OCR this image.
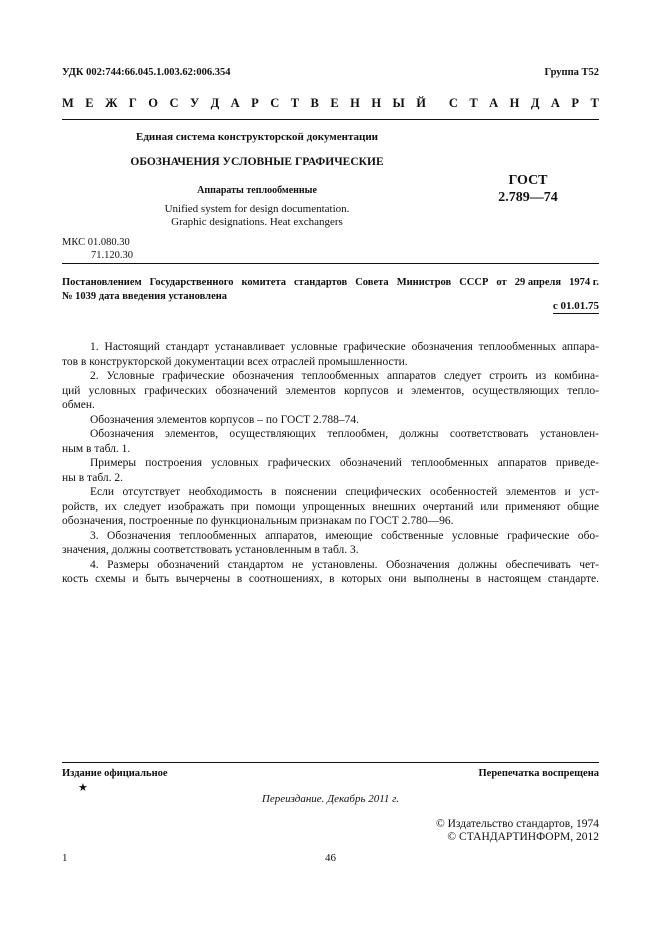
УДК 002:744:66.045.1.003.62:006.354	Группа Т52
М Е Ж Г О С У Д А Р С Т В Е Н Н Ы Й С Т А Н Д А Р Т
Единая система конструкторской документации
ОБОЗНАЧЕНИЯ УСЛОВНЫЕ ГРАФИЧЕСКИЕ
Аппараты теплообменные
Unified system for design documentation.
Graphic designations. Heat exchangers
ГОСТ
2.789—74
МКС 01.080.30
71.120.30
Постановлением Государственного комитета стандартов Совета Министров СССР от 29 апреля 1974 г.
№ 1039 дата введения установлена
с 01.01.75
1. Настоящий стандарт устанавливает условные графические обозначения теплообменных аппара-
тов в конструкторской документации всех отраслей промышленности.
2. Условные графические обозначения теплообменных аппаратов следует строить из комбина-
ций условных графических обозначений элементов корпусов и элементов, осуществляющих тепло-
обмен.
Обозначения элементов корпусов – по ГОСТ 2.788–74.
Обозначения элементов, осуществляющих теплообмен, должны соответствовать установлен-
ным в табл. 1.
Примеры построения условных графических обозначений теплообменных аппаратов приведе-
ны в табл. 2.
Если отсутствует необходимость в пояснении специфических особенностей элементов и уст-
ройств, их следует изображать при помощи упрощенных внешних очертаний или применяют общие
обозначения, построенные по функциональным признакам по ГОСТ 2.780—96.
3. Обозначения теплообменных аппаратов, имеющие собственные условные графические обо-
значения, должны соответствовать установленным в табл. 3.
4. Размеры обозначений стандартом не установлены. Обозначения должны обеспечивать чет-
кость схемы и быть вычерчены в соотношениях, в которых они выполнены в настоящем стандарте.
Издание официальное
★
Перепечатка воспрещена
Переиздание. Декабрь 2011 г.
© Издательство стандартов, 1974
© СТАНДАРТИНФОРМ, 2012
1	46
